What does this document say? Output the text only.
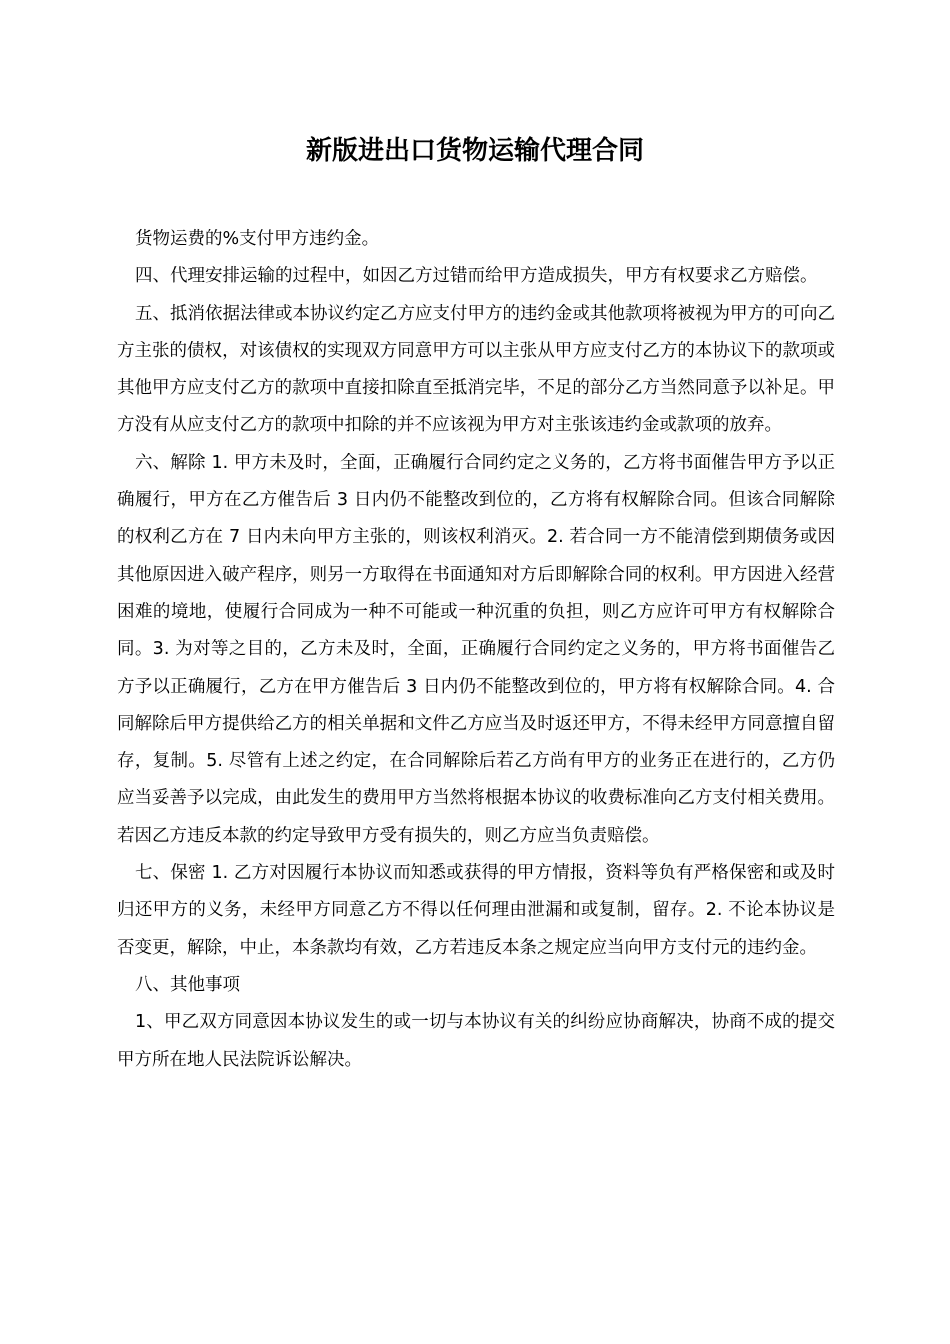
新版进出口货物运输代理合同

货物运费的%支付甲方违约金。

四、代理安排运输的过程中，如因乙方过错而给甲方造成损失，甲方有权要求乙方赔偿。

五、抵消依据法律或本协议约定乙方应支付甲方的违约金或其他款项将被视为甲方的可向乙方主张的债权，对该债权的实现双方同意甲方可以主张从甲方应支付乙方的本协议下的款项或其他甲方应支付乙方的款项中直接扣除直至抵消完毕，不足的部分乙方当然同意予以补足。甲方没有从应支付乙方的款项中扣除的并不应该视为甲方对主张该违约金或款项的放弃。

六、解除 1. 甲方未及时，全面，正确履行合同约定之义务的，乙方将书面催告甲方予以正确履行，甲方在乙方催告后 3 日内仍不能整改到位的，乙方将有权解除合同。但该合同解除的权利乙方在 7 日内未向甲方主张的，则该权利消灭。2. 若合同一方不能清偿到期债务或因其他原因进入破产程序，则另一方取得在书面通知对方后即解除合同的权利。甲方因进入经营困难的境地，使履行合同成为一种不可能或一种沉重的负担，则乙方应许可甲方有权解除合同。3. 为对等之目的，乙方未及时，全面，正确履行合同约定之义务的，甲方将书面催告乙方予以正确履行，乙方在甲方催告后 3 日内仍不能整改到位的，甲方将有权解除合同。4. 合同解除后甲方提供给乙方的相关单据和文件乙方应当及时返还甲方，不得未经甲方同意擅自留存，复制。5. 尽管有上述之约定，在合同解除后若乙方尚有甲方的业务正在进行的，乙方仍应当妥善予以完成，由此发生的费用甲方当然将根据本协议的收费标准向乙方支付相关费用。若因乙方违反本款的约定导致甲方受有损失的，则乙方应当负责赔偿。

七、保密 1. 乙方对因履行本协议而知悉或获得的甲方情报，资料等负有严格保密和或及时归还甲方的义务，未经甲方同意乙方不得以任何理由泄漏和或复制，留存。2. 不论本协议是否变更，解除，中止，本条款均有效，乙方若违反本条之规定应当向甲方支付元的违约金。

八、其他事项

1、甲乙双方同意因本协议发生的或一切与本协议有关的纠纷应协商解决，协商不成的提交甲方所在地人民法院诉讼解决。
